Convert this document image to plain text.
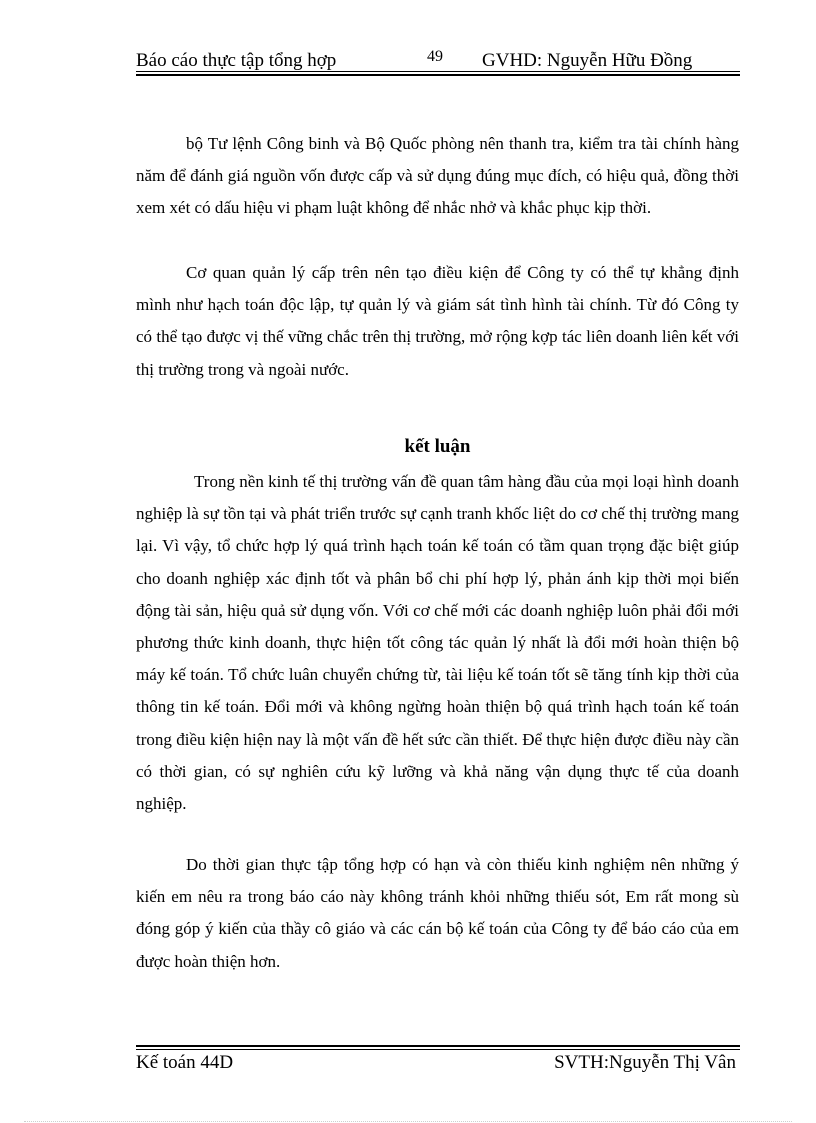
Báo cáo thực tập tổng hợp	49 GVHD: Nguyễn Hữu Đồng

bộ Tư lệnh Công binh và Bộ Quốc phòng nên thanh tra, kiểm tra tài chính hàng năm để đánh giá nguồn vốn được cấp và sử dụng đúng mục đích, có hiệu quả, đồng thời xem xét có dấu hiệu vi phạm luật không để nhắc nhở và khắc phục kịp thời.

Cơ quan quản lý cấp trên nên tạo điều kiện để Công ty có thể tự khẳng định mình như hạch toán độc lập, tự quản lý và giám sát tình hình tài chính. Từ đó Công ty có thể tạo được vị thế vững chắc trên thị trường, mở rộng kợp tác liên doanh liên kết với thị trường trong và ngoài nước.

kết luận

Trong nền kinh tế thị trường vấn đề quan tâm hàng đầu của mọi loại hình doanh nghiệp là sự tồn tại và phát triển trước sự cạnh tranh khốc liệt do cơ chế thị trường mang lại. Vì vậy, tổ chức hợp lý quá trình hạch toán kế toán có tầm quan trọng đặc biệt giúp cho doanh nghiệp xác định tốt và phân bổ chi phí hợp lý, phản ánh kịp thời mọi biến động tài sản, hiệu quả sử dụng vốn. Với cơ chế mới các doanh nghiệp luôn phải đổi mới phương thức kinh doanh, thực hiện tốt công tác quản lý nhất là đổi mới hoàn thiện bộ máy kế toán. Tổ chức luân chuyển chứng từ, tài liệu kế toán tốt sẽ tăng tính kịp thời của thông tin kế toán. Đổi mới và không ngừng hoàn thiện bộ quá trình hạch toán kế toán trong điều kiện hiện nay là một vấn đề hết sức cần thiết. Để thực hiện được điều này cần có thời gian, có sự nghiên cứu kỹ lưỡng và khả năng vận dụng thực tế của doanh nghiệp.

Do thời gian thực tập tổng hợp có hạn và còn thiếu kinh nghiệm nên những ý kiến em nêu ra trong báo cáo này không tránh khỏi những thiếu sót, Em rất mong sù đóng góp ý kiến của thầy cô giáo và các cán bộ kế toán của Công ty để báo cáo của em được hoàn thiện hơn.

Kế toán 44D	SVTH:Nguyễn Thị Vân
